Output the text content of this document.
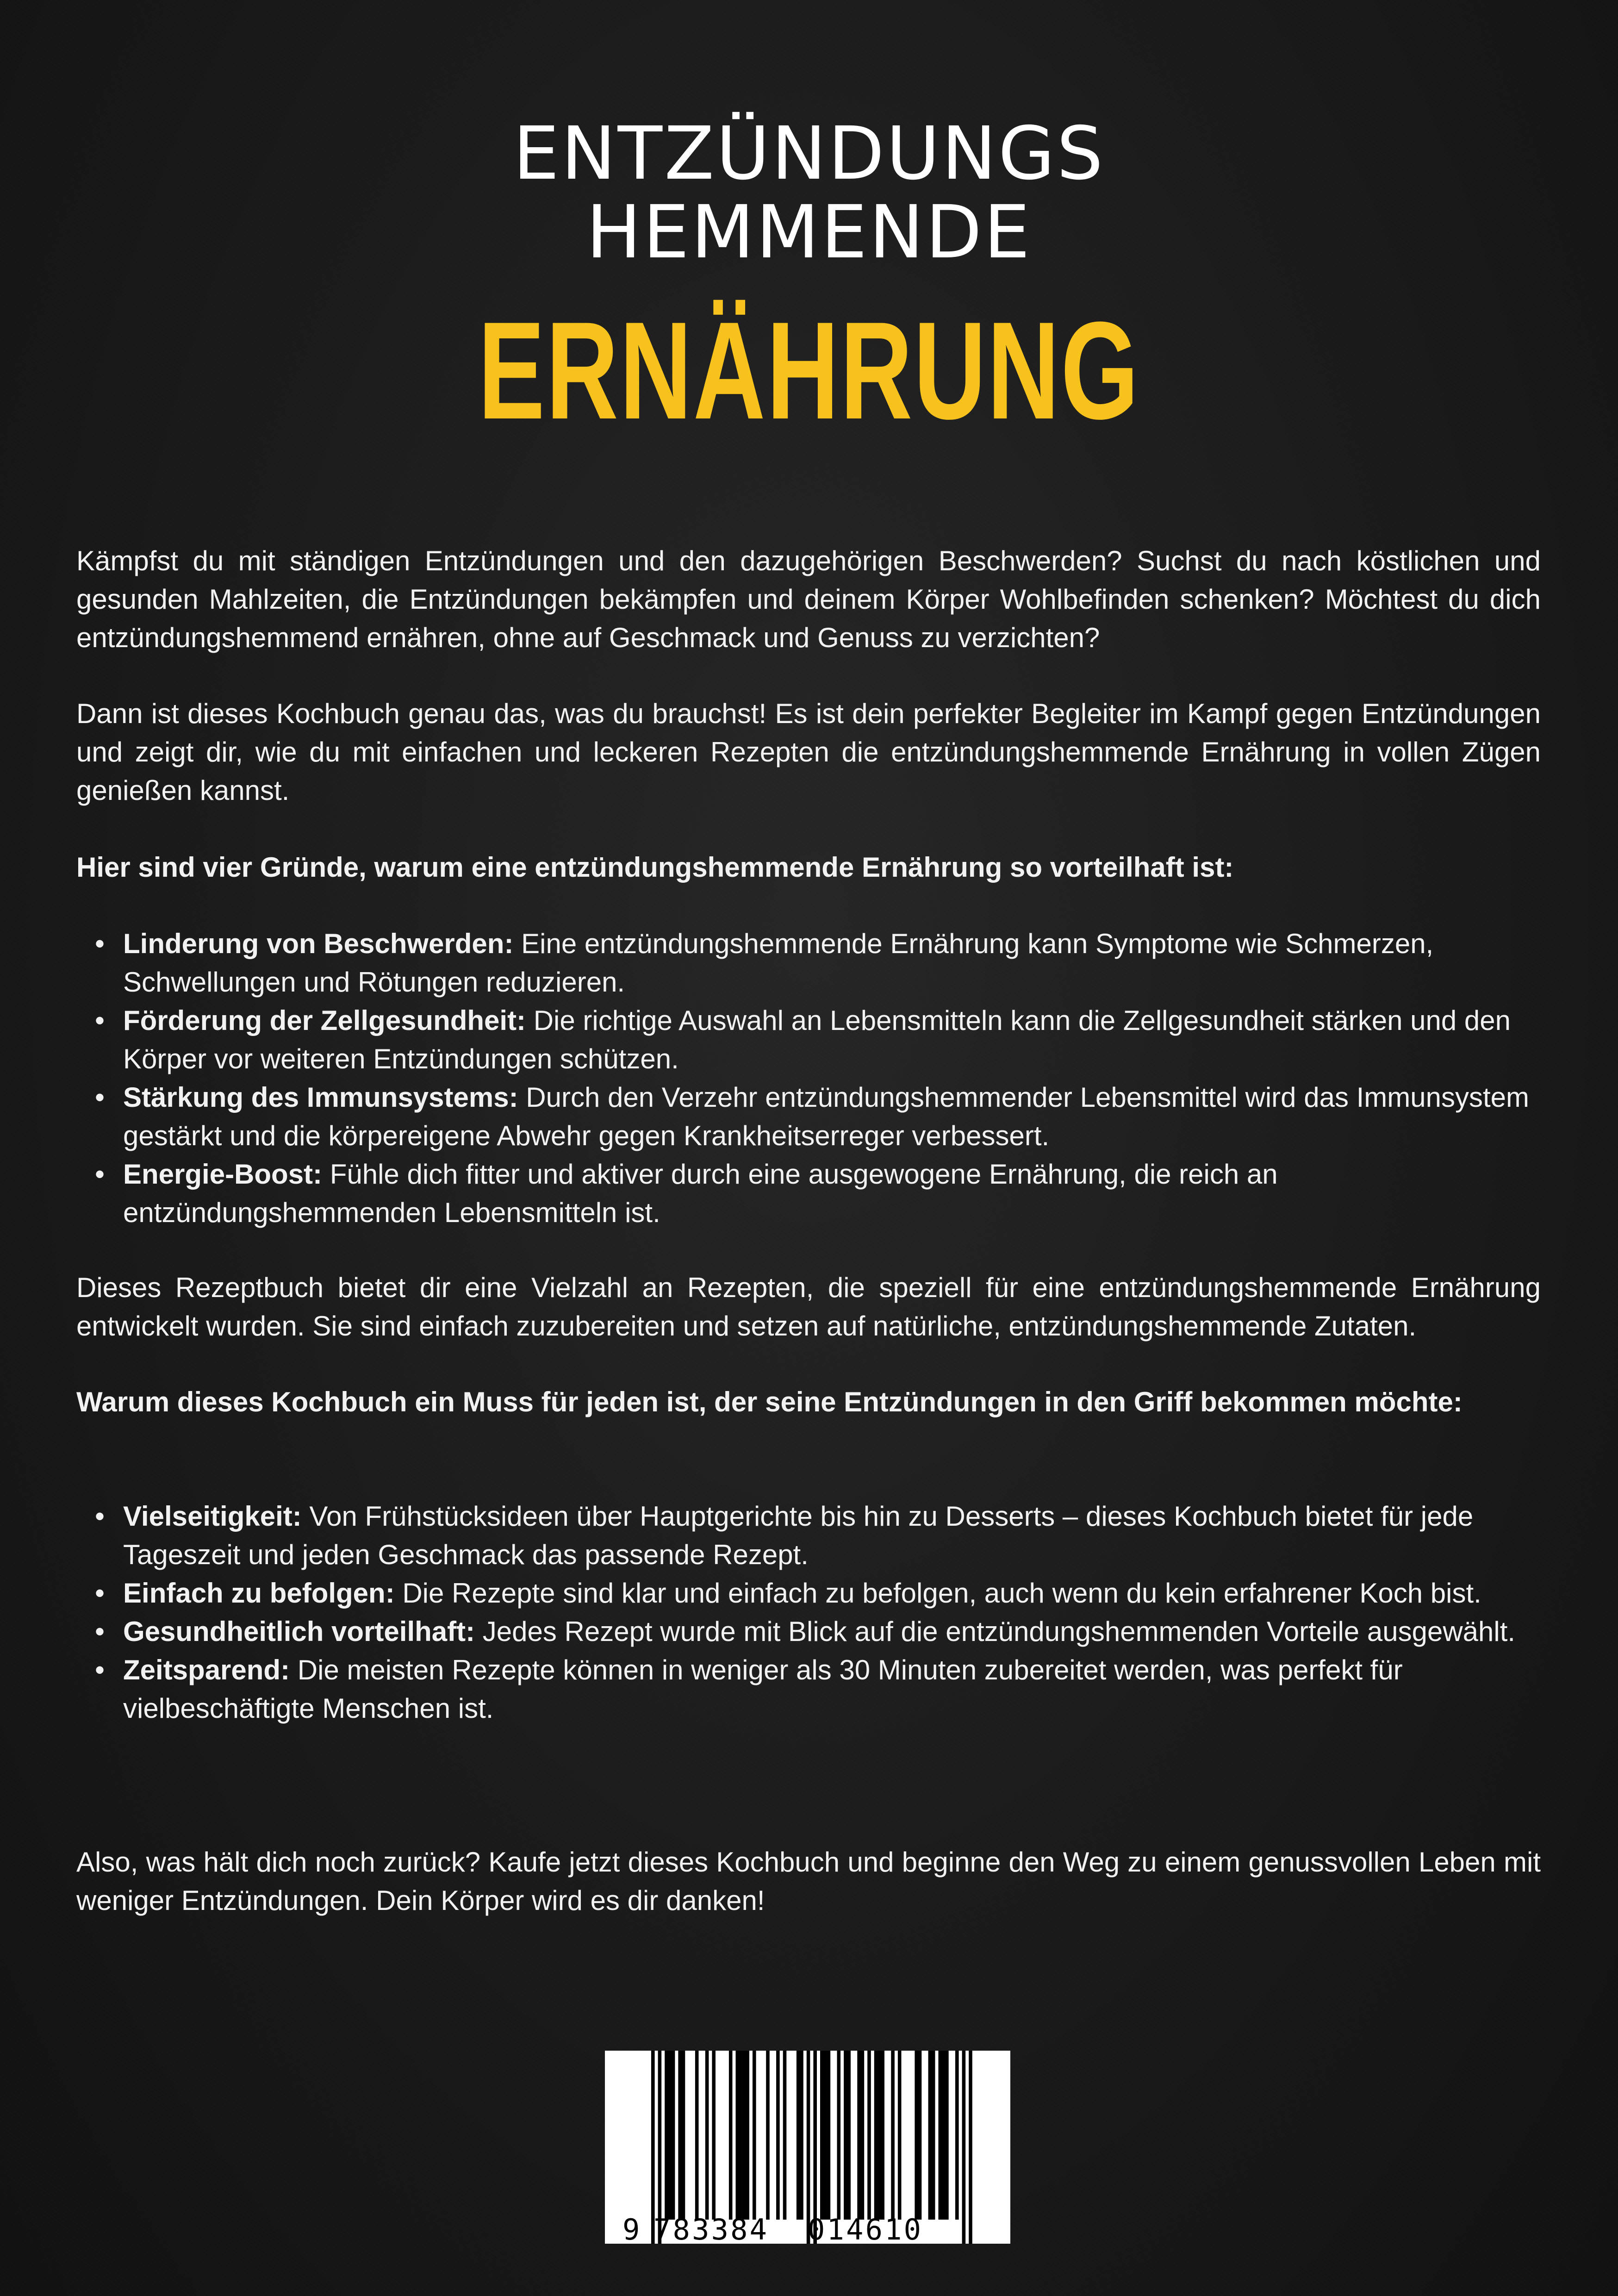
ENTZÜNDUNGS
HEMMENDE
ERNÄHRUNG

Kämpfst du mit ständigen Entzündungen und den dazugehörigen Beschwerden? Suchst du nach köstlichen und gesunden Mahlzeiten, die Entzündungen bekämpfen und deinem Körper Wohlbefinden schenken? Möchtest du dich entzündungshemmend ernähren, ohne auf Geschmack und Genuss zu verzichten?

Dann ist dieses Kochbuch genau das, was du brauchst! Es ist dein perfekter Begleiter im Kampf gegen Entzündungen und zeigt dir, wie du mit einfachen und leckeren Rezepten die entzündungshemmende Ernährung in vollen Zügen genießen kannst.

Hier sind vier Gründe, warum eine entzündungshemmende Ernährung so vorteilhaft ist:
• Linderung von Beschwerden: Eine entzündungshemmende Ernährung kann Symptome wie Schmerzen, Schwellungen und Rötungen reduzieren.
• Förderung der Zellgesundheit: Die richtige Auswahl an Lebensmitteln kann die Zellgesundheit stärken und den Körper vor weiteren Entzündungen schützen.
• Stärkung des Immunsystems: Durch den Verzehr entzündungshemmender Lebensmittel wird das Immunsystem gestärkt und die körpereigene Abwehr gegen Krankheitserreger verbessert.
• Energie-Boost: Fühle dich fitter und aktiver durch eine ausgewogene Ernährung, die reich an entzündungshemmenden Lebensmitteln ist.

Dieses Rezeptbuch bietet dir eine Vielzahl an Rezepten, die speziell für eine entzündungshemmende Ernährung entwickelt wurden. Sie sind einfach zuzubereiten und setzen auf natürliche, entzündungshemmende Zutaten.

Warum dieses Kochbuch ein Muss für jeden ist, der seine Entzündungen in den Griff bekommen möchte:
• Vielseitigkeit: Von Frühstücksideen über Hauptgerichte bis hin zu Desserts – dieses Kochbuch bietet für jede Tageszeit und jeden Geschmack das passende Rezept.
• Einfach zu befolgen: Die Rezepte sind klar und einfach zu befolgen, auch wenn du kein erfahrener Koch bist.
• Gesundheitlich vorteilhaft: Jedes Rezept wurde mit Blick auf die entzündungshemmenden Vorteile ausgewählt.
• Zeitsparend: Die meisten Rezepte können in weniger als 30 Minuten zubereitet werden, was perfekt für vielbeschäftigte Menschen ist.

Also, was hält dich noch zurück? Kaufe jetzt dieses Kochbuch und beginne den Weg zu einem genussvollen Leben mit weniger Entzündungen. Dein Körper wird es dir danken!

9 783384 014610
